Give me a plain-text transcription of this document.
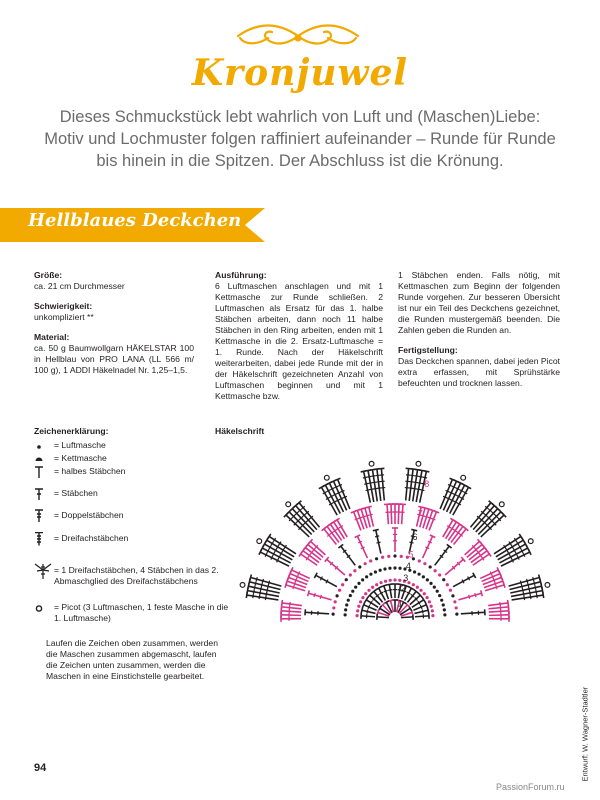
Kronjuwel
Dieses Schmuckstück lebt wahrlich von Luft und (Maschen)Liebe:
Motiv und Lochmuster folgen raffiniert aufeinander – Runde für Runde
bis hinein in die Spitzen. Der Abschluss ist die Krönung.
Hellblaues Deckchen

Größe:
ca. 21 cm Durchmesser

Schwierigkeit:
unkompliziert **

Material:
ca. 50 g Baumwollgarn HÄKELSTAR 100 in Hellblau von PRO LANA (LL 566 m/ 100 g), 1 ADDI Häkelnadel Nr. 1,25–1,5.

Ausführung:
6 Luftmaschen anschlagen und mit 1 Kettmasche zur Runde schließen. 2 Luftmaschen als Ersatz für das 1. halbe Stäbchen arbeiten, dann noch 11 halbe Stäbchen in den Ring arbeiten, enden mit 1 Kettmasche in die 2. Ersatz-Luftmasche = 1. Runde. Nach der Häkelschrift weiterarbeiten, dabei jede Runde mit der in der Häkelschrift gezeichneten Anzahl von Luftmaschen beginnen und mit 1 Kettmasche bzw.

1 Stäbchen enden. Falls nötig, mit Kettmaschen zum Beginn der folgenden Runde vorgehen. Zur besseren Übersicht ist nur ein Teil des Deckchens gezeichnet, die Runden mustergemäß beenden. Die Zahlen geben die Runden an.

Fertigstellung:
Das Deckchen spannen, dabei jeden Picot extra erfassen, mit Sprühstärke befeuchten und trocknen lassen.

Zeichenerklärung:
= Luftmasche
= Kettmasche
= halbes Stäbchen
= Stäbchen
= Doppelstäbchen
= Dreifachstäbchen
= 1 Dreifachstäbchen, 4 Stäbchen in das 2. Abmaschglied des Dreifachstäbchens
= Picot (3 Luftmaschen, 1 feste Masche in die 1. Luftmasche)
Laufen die Zeichen oben zusammen, werden die Maschen zusammen abgemascht, laufen die Zeichen unten zusammen, werden die Maschen in eine Einstichstelle gearbeitet.
Häkelschrift
1
2
3
4
5
6
7
8
Entwurf: W. Wagner-Stadtler
94
PassionForum.ru
